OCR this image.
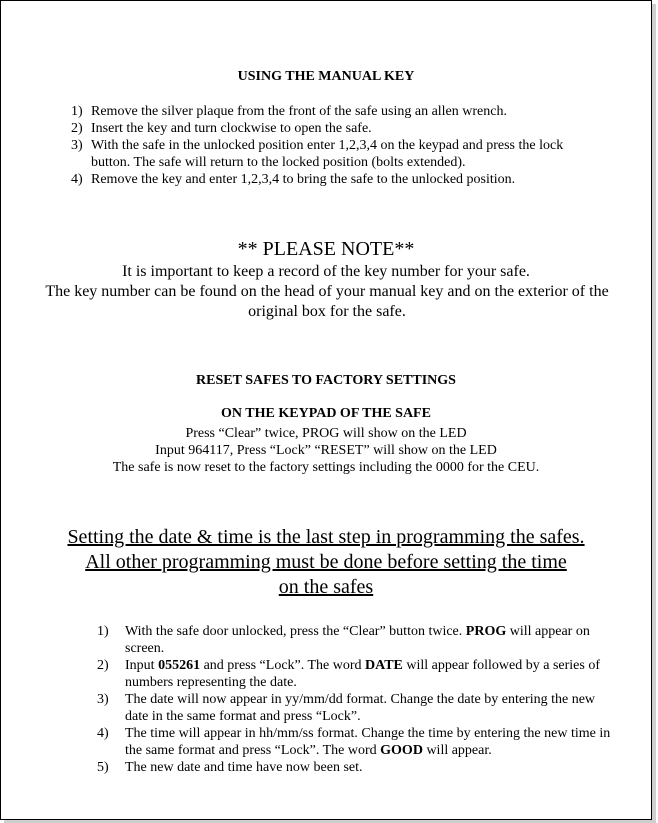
USING THE MANUAL KEY
1) Remove the silver plaque from the front of the safe using an allen wrench.
2) Insert the key and turn clockwise to open the safe.
3) With the safe in the unlocked position enter 1,2,3,4 on the keypad and press the lock button. The safe will return to the locked position (bolts extended).
4) Remove the key and enter 1,2,3,4 to bring the safe to the unlocked position.
** PLEASE NOTE**
It is important to keep a record of the key number for your safe.
The key number can be found on the head of your manual key and on the exterior of the original box for the safe.
RESET SAFES TO FACTORY SETTINGS
ON THE KEYPAD OF THE SAFE
Press “Clear” twice, PROG will show on the LED
Input 964117, Press “Lock” “RESET” will show on the LED
The safe is now reset to the factory settings including the 0000 for the CEU.
Setting the date & time is the last step in programming the safes.
All other programming must be done before setting the time
on the safes
1) With the safe door unlocked, press the “Clear” button twice. PROG will appear on screen.
2) Input 055261 and press “Lock”. The word DATE will appear followed by a series of numbers representing the date.
3) The date will now appear in yy/mm/dd format. Change the date by entering the new date in the same format and press “Lock”.
4) The time will appear in hh/mm/ss format. Change the time by entering the new time in the same format and press “Lock”. The word GOOD will appear.
5) The new date and time have now been set.
